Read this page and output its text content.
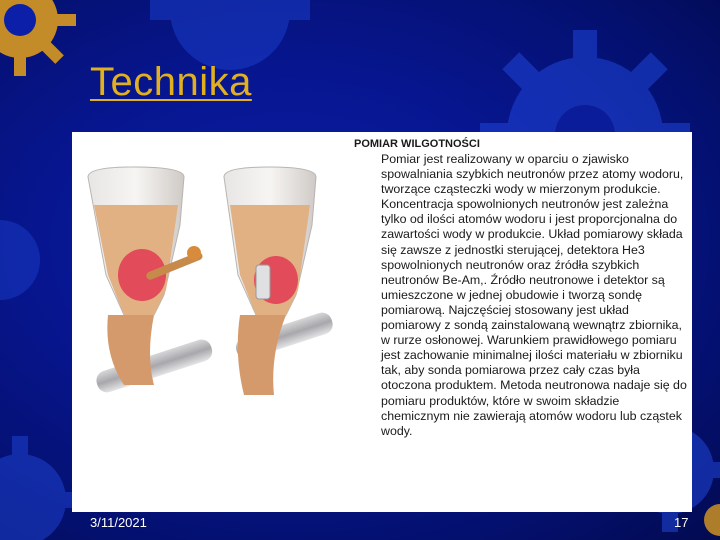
Technika
POMIAR WILGOTNOŚCI
Pomiar jest realizowany w oparciu o zjawisko spowalniania szybkich neutronów przez atomy wodoru, tworzące cząsteczki wody w mierzonym produkcie. Koncentracja spowolnionych neutronów jest zależna tylko od ilości atomów wodoru i jest proporcjonalna do zawartości wody w produkcie. Układ pomiarowy składa się zawsze z jednostki sterującej, detektora He3 spowolnionych neutronów oraz źródła szybkich neutronów Be-Am,. Źródło neutronowe i detektor są umieszczone w jednej obudowie i tworzą sondę pomiarową. Najczęściej stosowany jest układ pomiarowy z sondą zainstalowaną wewnątrz zbiornika, w rurze osłonowej. Warunkiem prawidłowego pomiaru jest zachowanie minimalnej ilości materiału w zbiorniku tak, aby sonda pomiarowa przez cały czas była otoczona produktem. Metoda neutronowa nadaje się do pomiaru produktów, które w swoim składzie chemicznym nie zawierają atomów wodoru lub cząstek wody.
3/11/2021	17
